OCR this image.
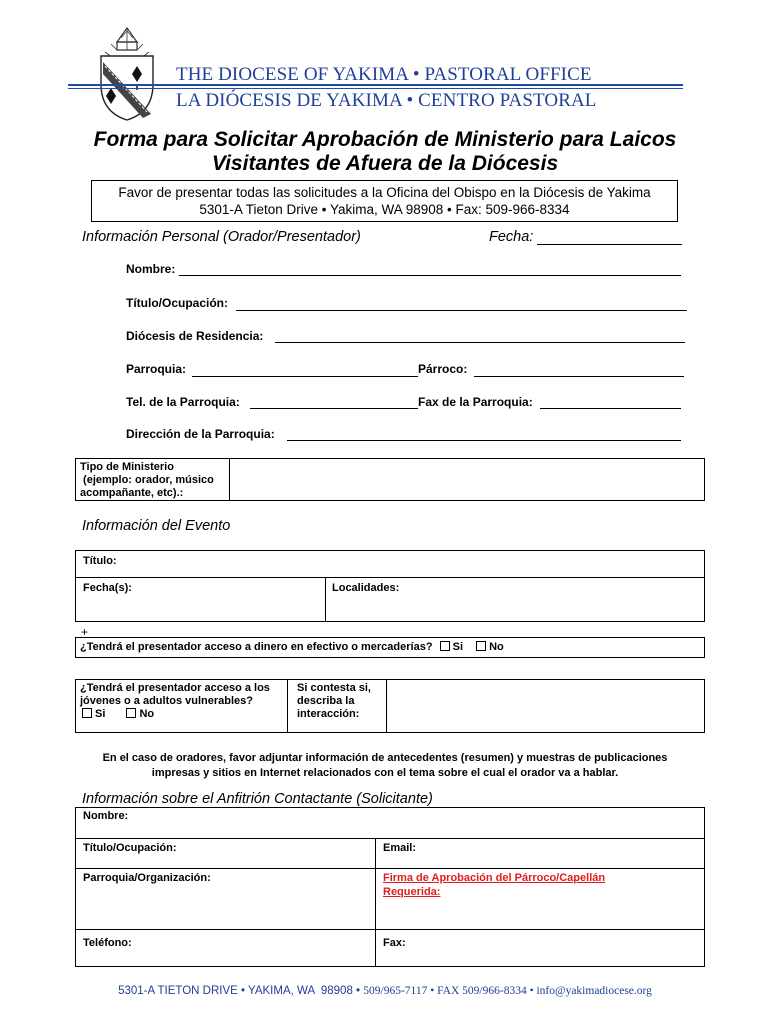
THE DIOCESE OF YAKIMA • PASTORAL OFFICE
LA DIÓCESIS DE YAKIMA • CENTRO PASTORAL
Forma para Solicitar Aprobación de Ministerio para Laicos
Visitantes de Afuera de la Diócesis
Favor de presentar todas las solicitudes a la Oficina del Obispo en la Diócesis de Yakima
5301-A Tieton Drive • Yakima, WA 98908 • Fax: 509-966-8334
Información Personal (Orador/Presentador)	Fecha:
Nombre:
Título/Ocupación:
Diócesis de Residencia:
Parroquia:	Párroco:
Tel. de la Parroquia:	Fax de la Parroquia:
Dirección de la Parroquia:
Tipo de Ministerio
(ejemplo: orador, músico
acompañante, etc).:
Información del Evento
Título:
Fecha(s):	Localidades:
+
¿Tendrá el presentador acceso a dinero en efectivo o mercaderías? Si No
¿Tendrá el presentador acceso a los
jóvenes o a adultos vulnerables?
Si	No
Si contesta si,
describa la
interacción:
En el caso de oradores, favor adjuntar información de antecedentes (resumen) y muestras de publicaciones
impresas y sitios en Internet relacionados con el tema sobre el cual el orador va a hablar.
Información sobre el Anfitrión Contactante (Solicitante)
Nombre:
Título/Ocupación:	Email:
Parroquia/Organización:	Firma de Aprobación del Párroco/Capellán
Requerida:
Teléfono:	Fax:
5301-A TIETON DRIVE • YAKIMA, WA  98908 • 509/965-7117 • FAX 509/966-8334 • info@yakimadiocese.org
